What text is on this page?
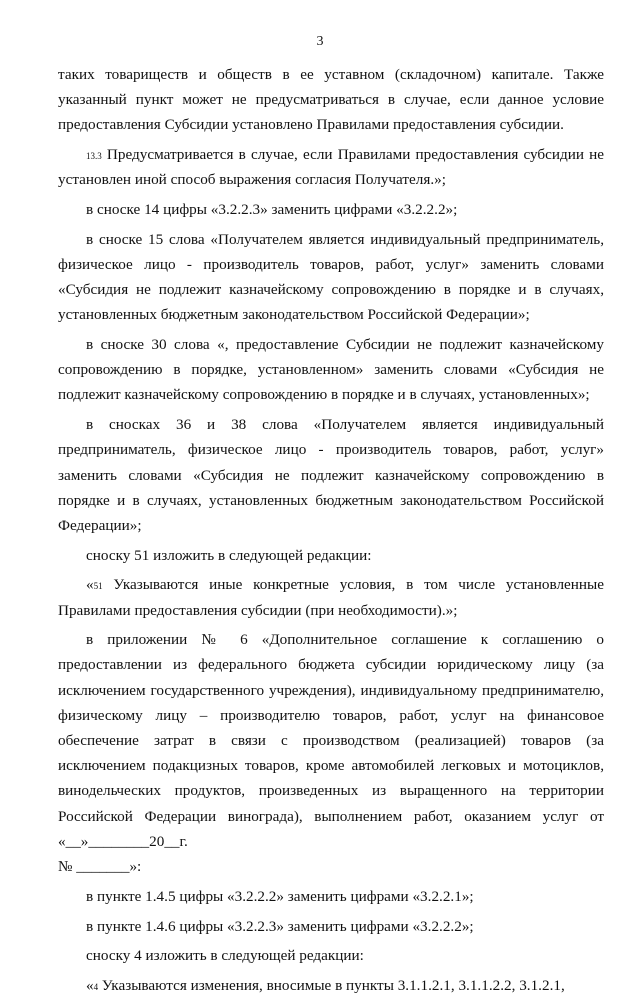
3

таких товариществ и обществ в ее уставном (складочном) капитале. Также указанный пункт может не предусматриваться в случае, если данное условие предоставления Субсидии установлено Правилами предоставления субсидии.

$^{13.3}$ Предусматривается в случае, если Правилами предоставления субсидии не установлен иной способ выражения согласия Получателя.»;

в сноске 14 цифры «3.2.2.3» заменить цифрами «3.2.2.2»;

в сноске 15 слова «Получателем является индивидуальный предприниматель, физическое лицо - производитель товаров, работ, услуг» заменить словами «Субсидия не подлежит казначейскому сопровождению в порядке и в случаях, установленных бюджетным законодательством Российской Федерации»;

в сноске 30 слова «, предоставление Субсидии не подлежит казначейскому сопровождению в порядке, установленном» заменить словами «Субсидия не подлежит казначейскому сопровождению в порядке и в случаях, установленных»;

в сносках 36 и 38 слова «Получателем является индивидуальный предприниматель, физическое лицо - производитель товаров, работ, услуг» заменить словами «Субсидия не подлежит казначейскому сопровождению в порядке и в случаях, установленных бюджетным законодательством Российской Федерации»;

сноску 51 изложить в следующей редакции:

«$^{51}$ Указываются иные конкретные условия, в том числе установленные Правилами предоставления субсидии (при необходимости).»;

в приложении № 6 «Дополнительное соглашение к соглашению о предоставлении из федерального бюджета субсидии юридическому лицу (за исключением государственного учреждения), индивидуальному предпринимателю, физическому лицу – производителю товаров, работ, услуг на финансовое обеспечение затрат в связи с производством (реализацией) товаров (за исключением подакцизных товаров, кроме автомобилей легковых и мотоциклов, винодельческих продуктов, произведенных из выращенного на территории Российской Федерации винограда), выполнением работ, оказанием услуг от «__»________20__г.
№ _______»:

в пункте 1.4.5 цифры «3.2.2.2» заменить цифрами «3.2.2.1»;

в пункте 1.4.6 цифры «3.2.2.3» заменить цифрами «3.2.2.2»;

сноску 4 изложить в следующей редакции:

«$^4$ Указываются изменения, вносимые в пункты 3.1.1.2.1, 3.1.1.2.2, 3.1.2.1,
